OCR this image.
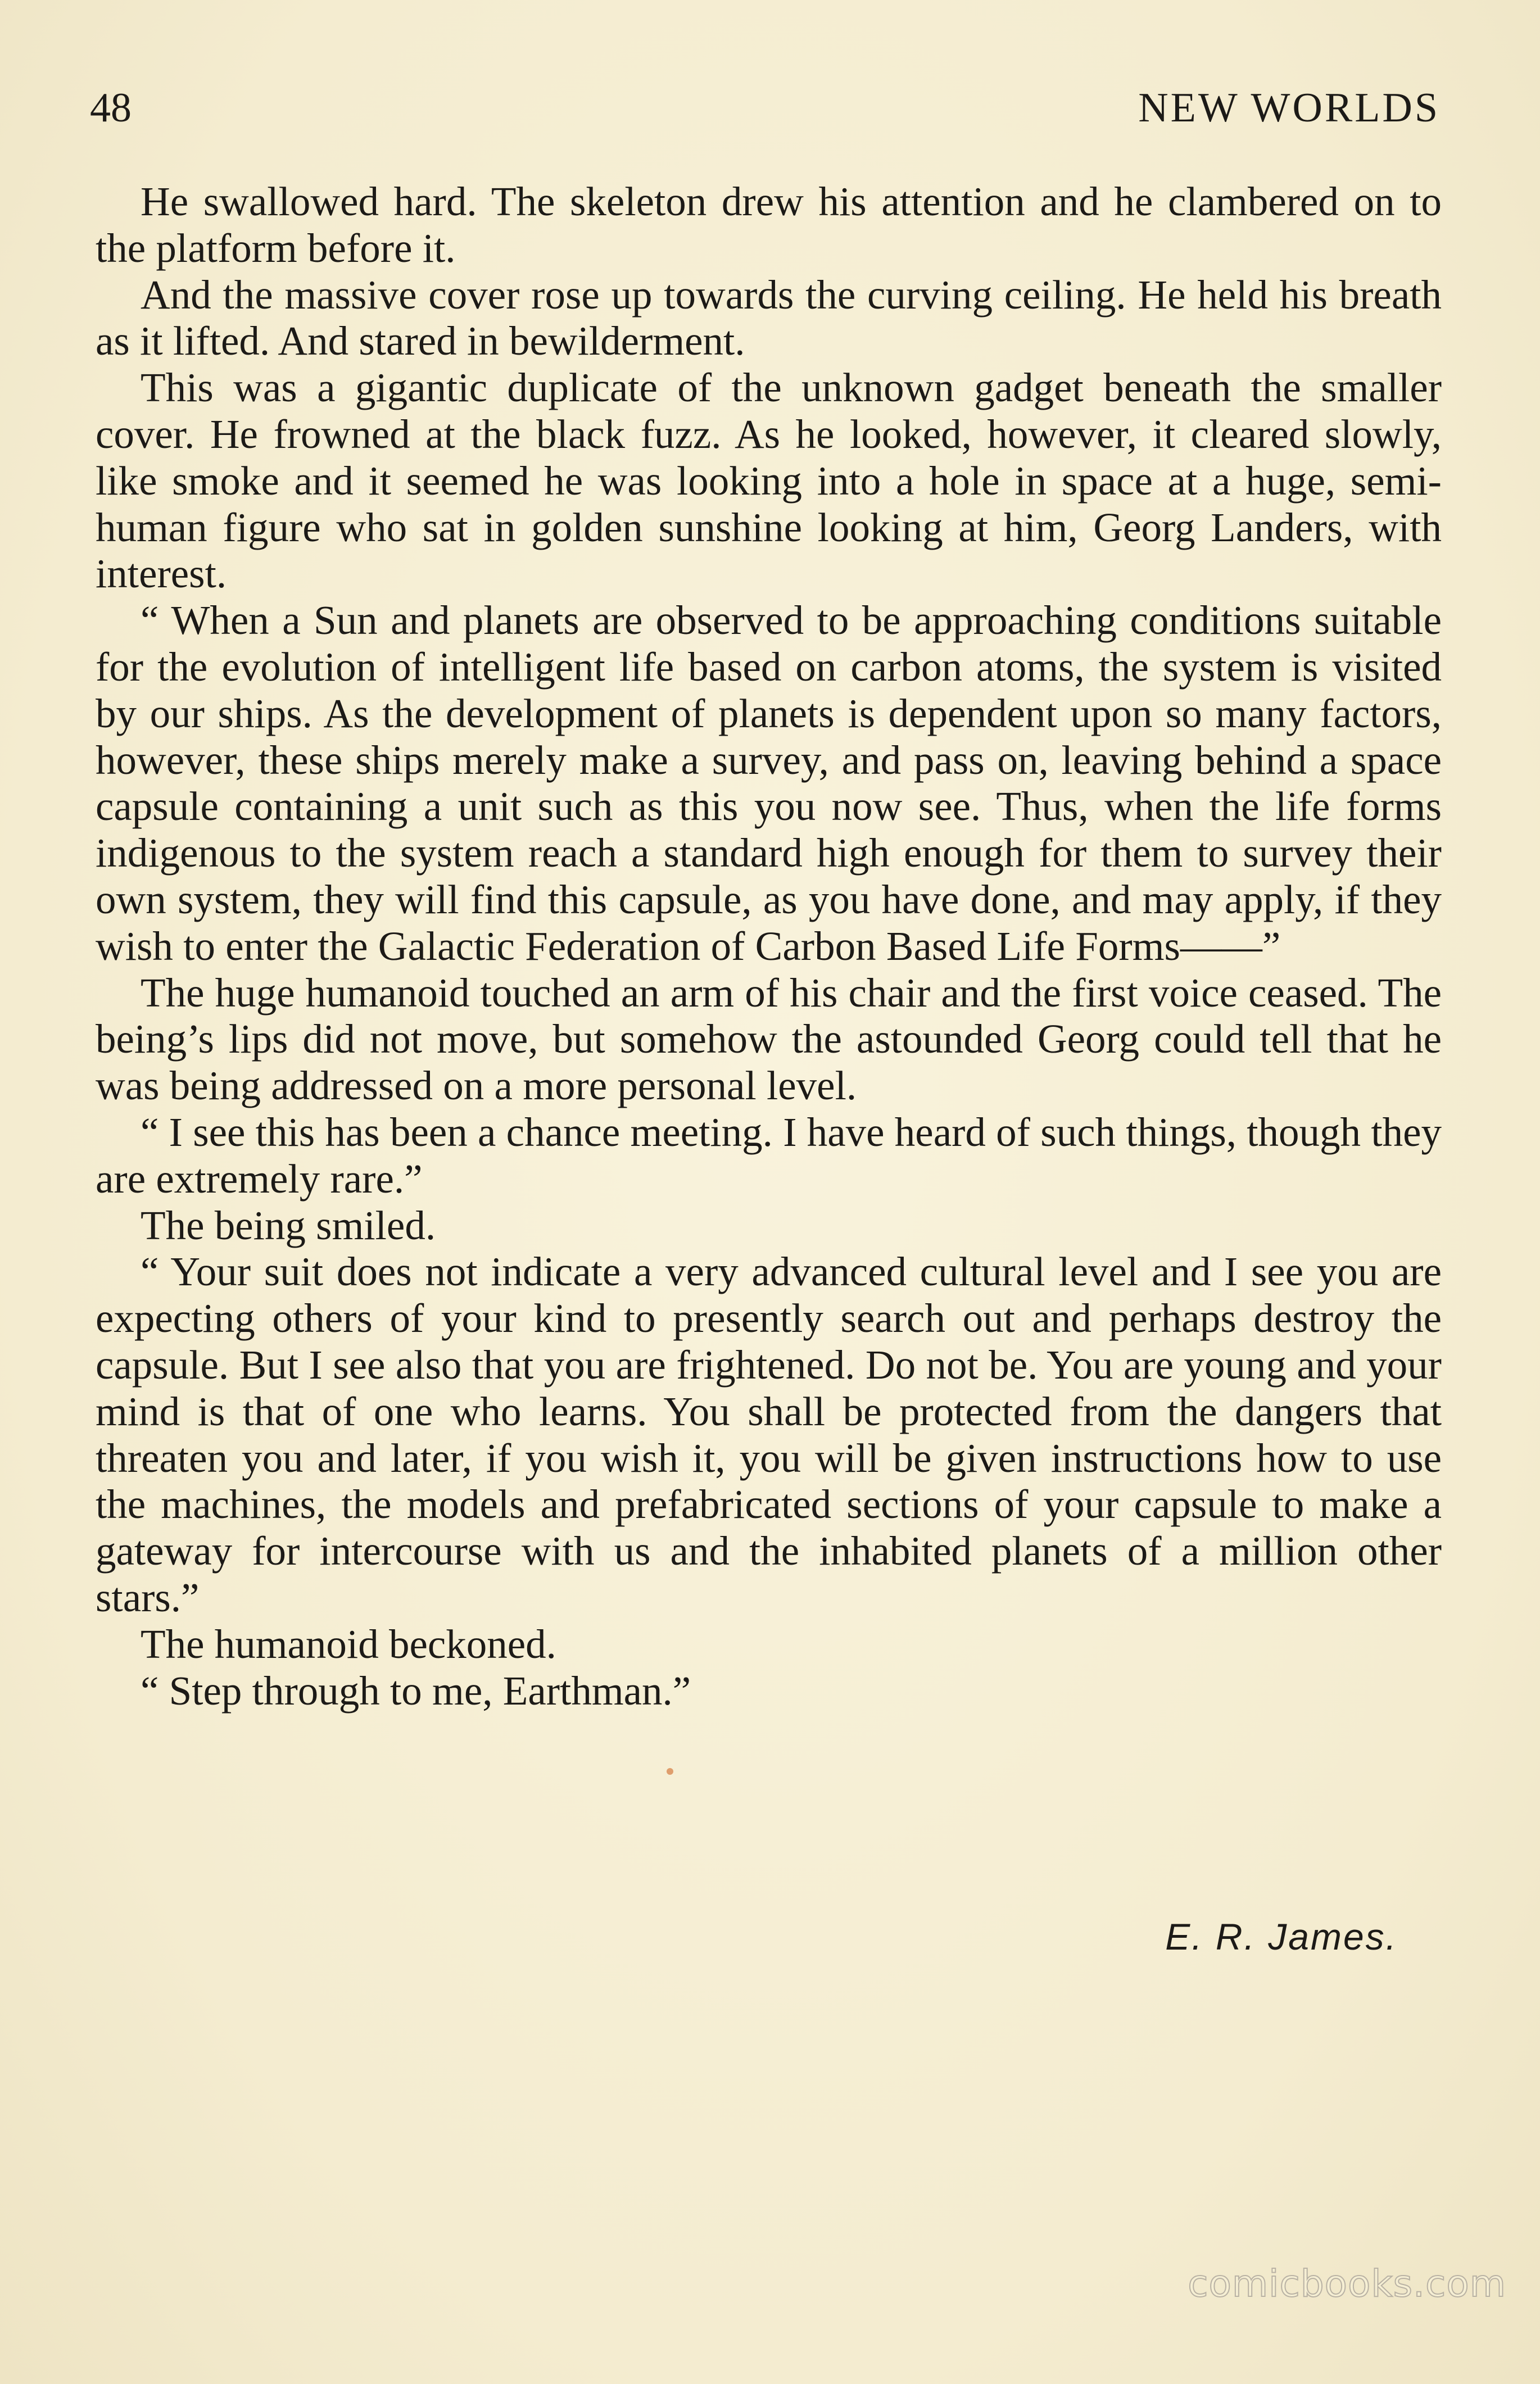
48	NEW WORLDS

He swallowed hard. The skeleton drew his attention and he clambered on to the platform before it.

And the massive cover rose up towards the curving ceiling. He held his breath as it lifted. And stared in bewilderment.

This was a gigantic duplicate of the unknown gadget beneath the smaller cover. He frowned at the black fuzz. As he looked, however, it cleared slowly, like smoke and it seemed he was looking into a hole in space at a huge, semi-human figure who sat in golden sunshine looking at him, Georg Landers, with interest.

“ When a Sun and planets are observed to be approaching conditions suitable for the evolution of intelligent life based on carbon atoms, the system is visited by our ships. As the development of planets is dependent upon so many factors, however, these ships merely make a survey, and pass on, leaving behind a space capsule containing a unit such as this you now see. Thus, when the life forms indigenous to the system reach a standard high enough for them to survey their own system, they will find this capsule, as you have done, and may apply, if they wish to enter the Galactic Federation of Carbon Based Life Forms——”

The huge humanoid touched an arm of his chair and the first voice ceased. The being’s lips did not move, but somehow the astounded Georg could tell that he was being addressed on a more personal level.

“ I see this has been a chance meeting. I have heard of such things, though they are extremely rare.”

The being smiled.

“ Your suit does not indicate a very advanced cultural level and I see you are expecting others of your kind to presently search out and perhaps destroy the capsule. But I see also that you are frightened. Do not be. You are young and your mind is that of one who learns. You shall be protected from the dangers that threaten you and later, if you wish it, you will be given instructions how to use the machines, the models and prefabricated sections of your capsule to make a gateway for intercourse with us and the inhabited planets of a million other stars.”

The humanoid beckoned.

“ Step through to me, Earthman.”

E. R. James.
comicbooks.com
